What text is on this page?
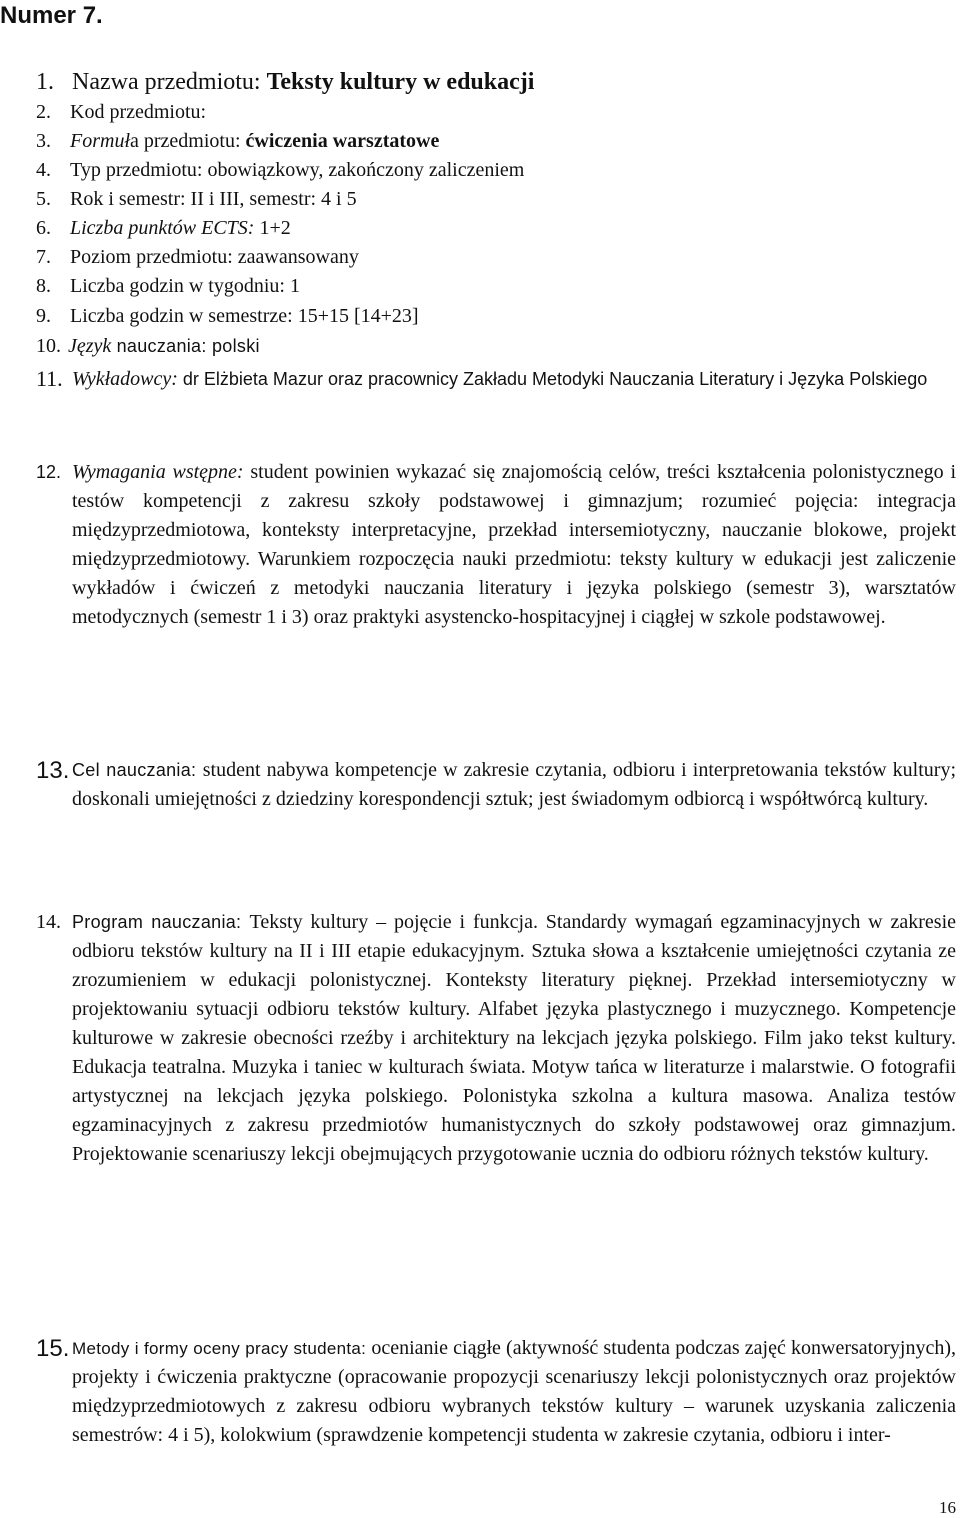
Numer 7.
1. Nazwa przedmiotu: Teksty kultury w edukacji
2. Kod przedmiotu:
3. Formuła przedmiotu: ćwiczenia warsztatowe
4. Typ przedmiotu: obowiązkowy, zakończony zaliczeniem
5. Rok i semestr: II i III, semestr: 4 i 5
6. Liczba punktów ECTS: 1+2
7. Poziom przedmiotu: zaawansowany
8. Liczba godzin w tygodniu: 1
9. Liczba godzin w semestrze: 15+15 [14+23]
10. Język nauczania: polski
11. Wykładowcy: dr Elżbieta Mazur oraz pracownicy Zakładu Metodyki Nauczania Literatury i Języka Polskiego
12. Wymagania wstępne: student powinien wykazać się znajomością celów, treści kształcenia polonistycznego i testów kompetencji z zakresu szkoły podstawowej i gimnazjum; rozumieć pojęcia: integracja międzyprzedmiotowa, konteksty interpretacyjne, przekład intersemiotyczny, nauczanie blokowe, projekt międzyprzedmiotowy. Warunkiem rozpoczęcia nauki przedmiotu: teksty kultury w edukacji jest zaliczenie wykładów i ćwiczeń z metodyki nauczania literatury i języka polskiego (semestr 3), warsztatów metodycznych (semestr 1 i 3) oraz praktyki asystencko-hospitacyjnej i ciągłej w szkole podstawowej.
13. Cel nauczania: student nabywa kompetencje w zakresie czytania, odbioru i interpretowania tekstów kultury; doskonali umiejętności z dziedziny korespondencji sztuk; jest świadomym odbiorcą i współtwórcą kultury.
14. Program nauczania: Teksty kultury – pojęcie i funkcja. Standardy wymagań egzaminacyjnych w zakresie odbioru tekstów kultury na II i III etapie edukacyjnym. Sztuka słowa a kształcenie umiejętności czytania ze zrozumieniem w edukacji polonistycznej. Konteksty literatury pięknej. Przekład intersemiotyczny w projektowaniu sytuacji odbioru tekstów kultury. Alfabet języka plastycznego i muzycznego. Kompetencje kulturowe w zakresie obecności rzeźby i architektury na lekcjach języka polskiego. Film jako tekst kultury. Edukacja teatralna. Muzyka i taniec w kulturach świata. Motyw tańca w literaturze i malarstwie. O fotografii artystycznej na lekcjach języka polskiego. Polonistyka szkolna a kultura masowa. Analiza testów egzaminacyjnych z zakresu przedmiotów humanistycznych do szkoły podstawowej oraz gimnazjum. Projektowanie scenariuszy lekcji obejmujących przygotowanie ucznia do odbioru różnych tekstów kultury.
15. Metody i formy oceny pracy studenta: ocenianie ciągłe (aktywność studenta podczas zajęć konwersatoryjnych), projekty i ćwiczenia praktyczne (opracowanie propozycji scenariuszy lekcji polonistycznych oraz projektów międzyprzedmiotowych z zakresu odbioru wybranych tekstów kultury – warunek uzyskania zaliczenia semestrów: 4 i 5), kolokwium (sprawdzenie kompetencji studenta w zakresie czytania, odbioru i inter-
16
